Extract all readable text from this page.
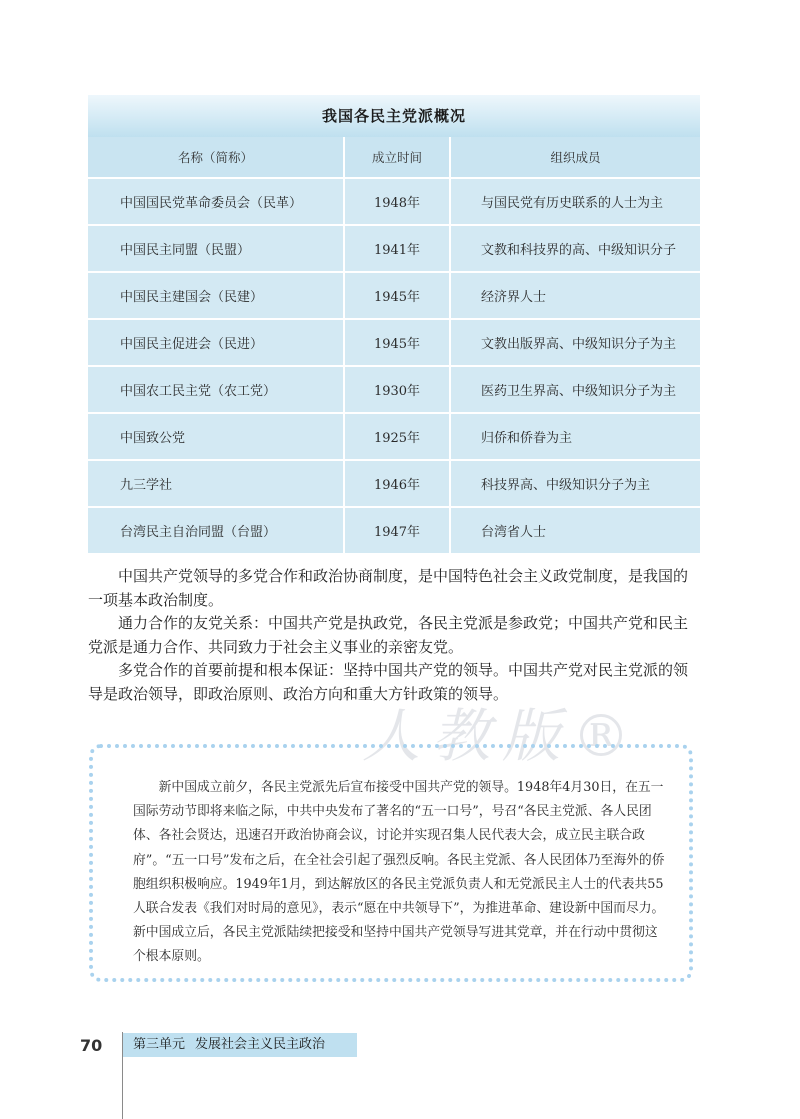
我国各民主党派概况
名称（简称）	成立时间	组织成员
中国国民党革命委员会（民革）	1948年	与国民党有历史联系的人士为主
中国民主同盟（民盟）	1941年	文教和科技界的高、中级知识分子
中国民主建国会（民建）	1945年	经济界人士
中国民主促进会（民进）	1945年	文教出版界高、中级知识分子为主
中国农工民主党（农工党）	1930年	医药卫生界高、中级知识分子为主
中国致公党	1925年	归侨和侨眷为主
九三学社	1946年	科技界高、中级知识分子为主
台湾民主自治同盟（台盟）	1947年	台湾省人士

中国共产党领导的多党合作和政治协商制度，是中国特色社会主义政党制度，是我国的一项基本政治制度。

通力合作的友党关系：中国共产党是执政党，各民主党派是参政党；中国共产党和民主党派是通力合作、共同致力于社会主义事业的亲密友党。

多党合作的首要前提和根本保证：坚持中国共产党的领导。中国共产党对民主党派的领导是政治领导，即政治原则、政治方向和重大方针政策的领导。

人教版®

新中国成立前夕，各民主党派先后宣布接受中国共产党的领导。1948年4月30日，在五一国际劳动节即将来临之际，中共中央发布了著名的“五一口号”，号召“各民主党派、各人民团体、各社会贤达，迅速召开政治协商会议，讨论并实现召集人民代表大会，成立民主联合政府”。“五一口号”发布之后，在全社会引起了强烈反响。各民主党派、各人民团体乃至海外的侨胞组织积极响应。1949年1月，到达解放区的各民主党派负责人和无党派民主人士的代表共55人联合发表《我们对时局的意见》，表示“愿在中共领导下”，为推进革命、建设新中国而尽力。新中国成立后，各民主党派陆续把接受和坚持中国共产党领导写进其党章，并在行动中贯彻这个根本原则。

70	第三单元 发展社会主义民主政治
